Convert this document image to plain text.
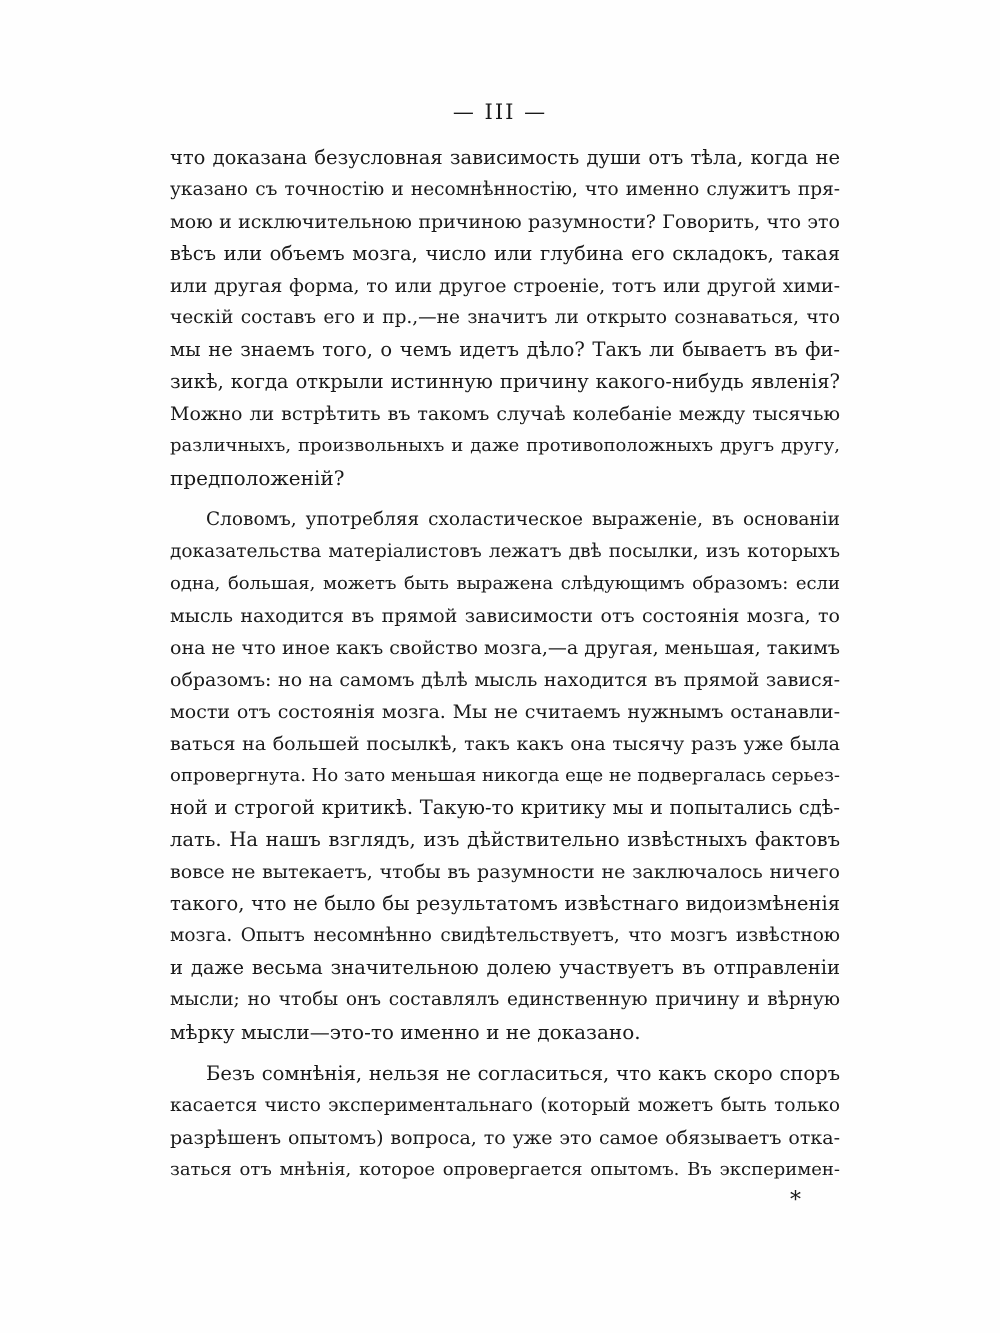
— III —
что доказана безусловная зависимость души отъ тѣла, когда не
указано съ точностію и несомнѣнностію, что именно служитъ пря-
мою и исключительною причиною разумности? Говорить, что это
вѣсъ или объемъ мозга, число или глубина его складокъ, такая
или другая форма, то или другое строеніе, тотъ или другой хими-
ческій составъ его и пр.,—не значитъ ли открыто сознаваться, что
мы не знаемъ того, о чемъ идетъ дѣло? Такъ ли бываетъ въ фи-
зикѣ, когда открыли истинную причину какого-нибудь явленія?
Можно ли встрѣтить въ такомъ случаѣ колебаніе между тысячью
различныхъ, произвольныхъ и даже противоположныхъ другъ другу,
предположеній?
Словомъ, употребляя схоластическое выраженіе, въ основаніи
доказательства матеріалистовъ лежатъ двѣ посылки, изъ которыхъ
одна, большая, можетъ быть выражена слѣдующимъ образомъ: если
мысль находится въ прямой зависимости отъ состоянія мозга, то
она не что иное какъ свойство мозга,—а другая, меньшая, такимъ
образомъ: но на самомъ дѣлѣ мысль находится въ прямой завися-
мости отъ состоянія мозга. Мы не считаемъ нужнымъ останавли-
ваться на большей посылкѣ, такъ какъ она тысячу разъ уже была
опровергнута. Но зато меньшая никогда еще не подвергалась серьез-
ной и строгой критикѣ. Такую-то критику мы и попытались сдѣ-
лать. На нашъ взглядъ, изъ дѣйствительно извѣстныхъ фактовъ
вовсе не вытекаетъ, чтобы въ разумности не заключалось ничего
такого, что не было бы результатомъ извѣстнаго видоизмѣненія
мозга. Опытъ несомнѣнно свидѣтельствуетъ, что мозгъ извѣстною
и даже весьма значительною долею участвуетъ въ отправленіи
мысли; но чтобы онъ составлялъ единственную причину и вѣрную
мѣрку мысли—это-то именно и не доказано.
Безъ сомнѣнія, нельзя не согласиться, что какъ скоро споръ
касается чисто экспериментальнаго (который можетъ быть только
разрѣшенъ опытомъ) вопроса, то уже это самое обязываетъ отка-
заться отъ мнѣнія, которое опровергается опытомъ. Въ эксперимен-
*
